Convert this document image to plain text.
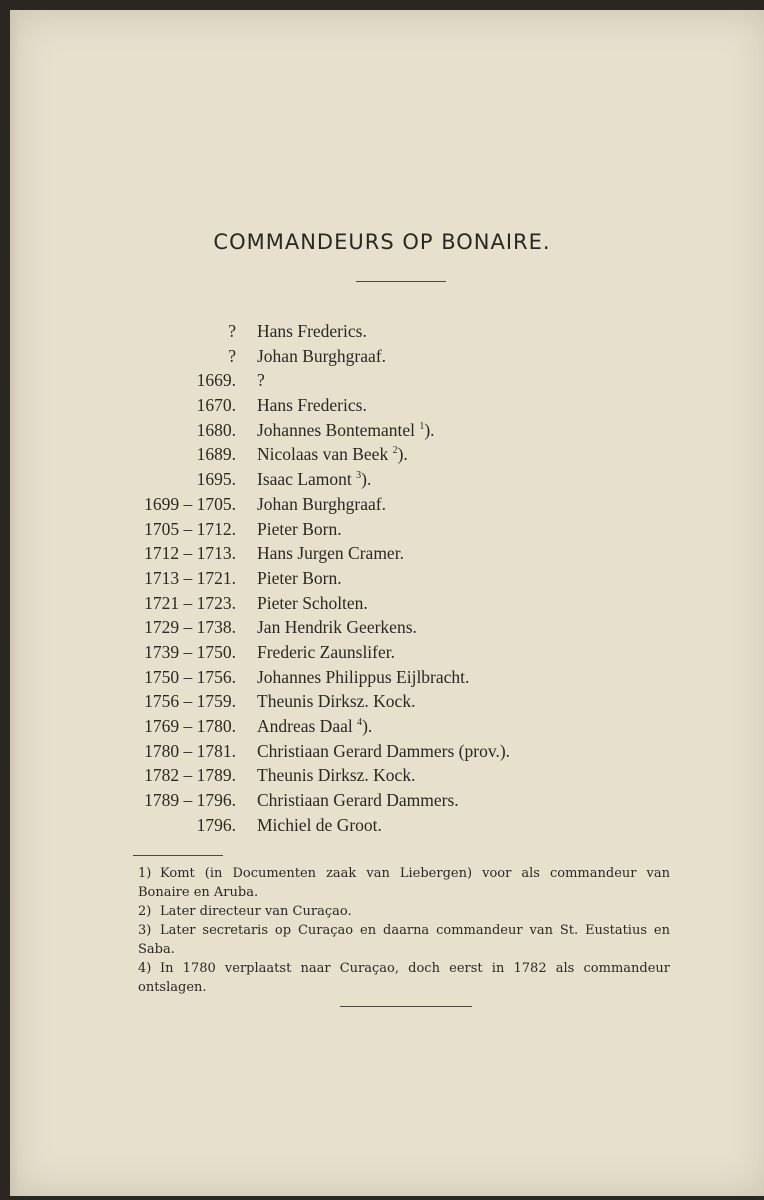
COMMANDEURS OP BONAIRE.
? Hans Frederics.
? Johan Burghgraaf.
1669. ?
1670. Hans Frederics.
1680. Johannes Bontemantel $^1$).
1689. Nicolaas van Beek $^2$).
1695. Isaac Lamont $^3$).
1699 – 1705. Johan Burghgraaf.
1705 – 1712. Pieter Born.
1712 – 1713. Hans Jurgen Cramer.
1713 – 1721. Pieter Born.
1721 – 1723. Pieter Scholten.
1729 – 1738. Jan Hendrik Geerkens.
1739 – 1750. Frederic Zaunslifer.
1750 – 1756. Johannes Philippus Eijlbracht.
1756 – 1759. Theunis Dirksz. Kock.
1769 – 1780. Andreas Daal $^4$).
1780 – 1781. Christiaan Gerard Dammers (prov.).
1782 – 1789. Theunis Dirksz. Kock.
1789 – 1796. Christiaan Gerard Dammers.
1796. Michiel de Groot.

1) Komt (in Documenten zaak van Liebergen) voor als commandeur van Bonaire en Aruba.

2) Later directeur van Curaçao.

3) Later secretaris op Curaçao en daarna commandeur van St. Eustatius en Saba.

4) In 1780 verplaatst naar Curaçao, doch eerst in 1782 als commandeur ontslagen.
